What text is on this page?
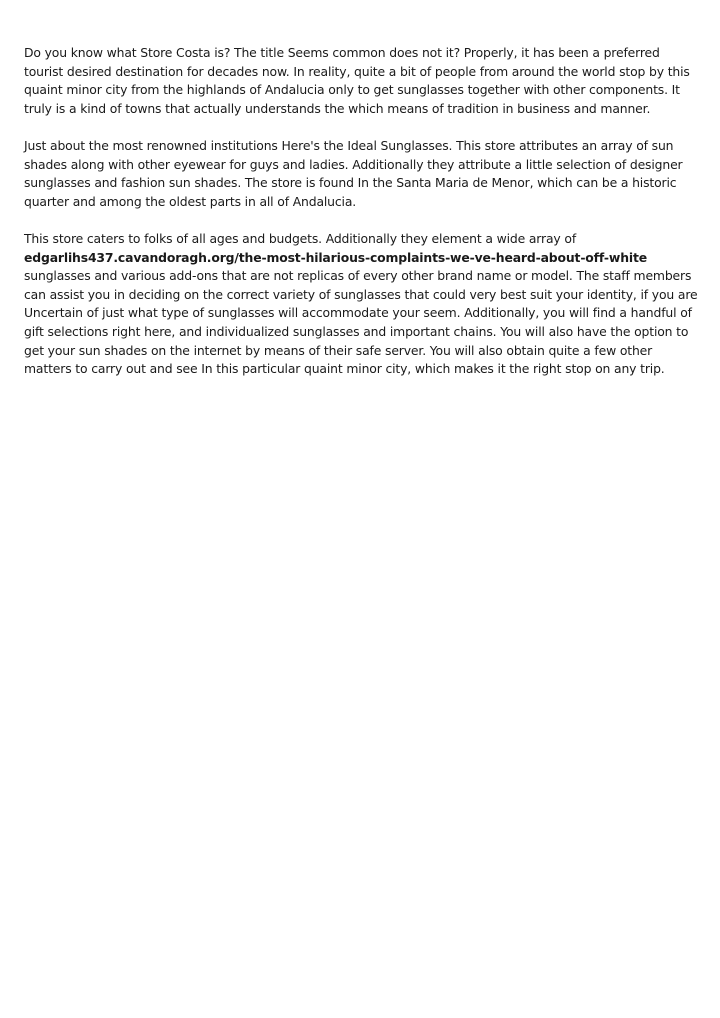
Do you know what Store Costa is? The title Seems common does not it? Properly, it has been a preferred tourist desired destination for decades now. In reality, quite a bit of people from around the world stop by this quaint minor city from the highlands of Andalucia only to get sunglasses together with other components. It truly is a kind of towns that actually understands the which means of tradition in business and manner.

Just about the most renowned institutions Here's the Ideal Sunglasses. This store attributes an array of sun shades along with other eyewear for guys and ladies. Additionally they attribute a little selection of designer sunglasses and fashion sun shades. The store is found In the Santa Maria de Menor, which can be a historic quarter and among the oldest parts in all of Andalucia.

This store caters to folks of all ages and budgets. Additionally they element a wide array of edgarlihs437.cavandoragh.org/the-most-hilarious-complaints-we-ve-heard-about-off-white sunglasses and various add-ons that are not replicas of every other brand name or model. The staff members can assist you in deciding on the correct variety of sunglasses that could very best suit your identity, if you are Uncertain of just what type of sunglasses will accommodate your seem. Additionally, you will find a handful of gift selections right here, and individualized sunglasses and important chains. You will also have the option to get your sun shades on the internet by means of their safe server. You will also obtain quite a few other matters to carry out and see In this particular quaint minor city, which makes it the right stop on any trip.
